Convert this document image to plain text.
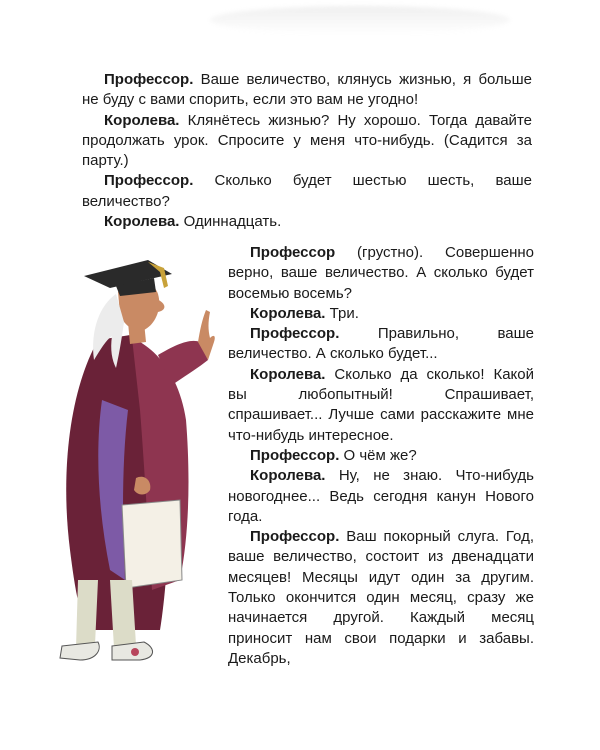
Профессор. Ваше величество, клянусь жизнью, я больше не буду с вами спорить, если это вам не угодно!

Королева. Клянётесь жизнью? Ну хорошо. Тогда давайте продолжать урок. Спросите у меня что-нибудь. (Садится за парту.)

Профессор. Сколько будет шестью шесть, ваше величество?

Королева. Одиннадцать.

Профессор (грустно). Совершенно верно, ваше величество. А сколько будет восемью восемь?

Королева. Три.

Профессор. Правильно, ваше величество. А сколько будет...

Королева. Сколько да сколько! Какой вы любопытный! Спрашивает, спрашивает... Лучше сами расскажите мне что-нибудь интересное.

Профессор. О чём же?

Королева. Ну, не знаю. Что-нибудь новогоднее... Ведь сегодня канун Нового года.

Профессор. Ваш покорный слуга. Год, ваше величество, состоит из двенадцати месяцев! Месяцы идут один за другим. Только окончится один месяц, сразу же начинается другой. Каждый месяц приносит нам свои подарки и забавы. Декабрь,
